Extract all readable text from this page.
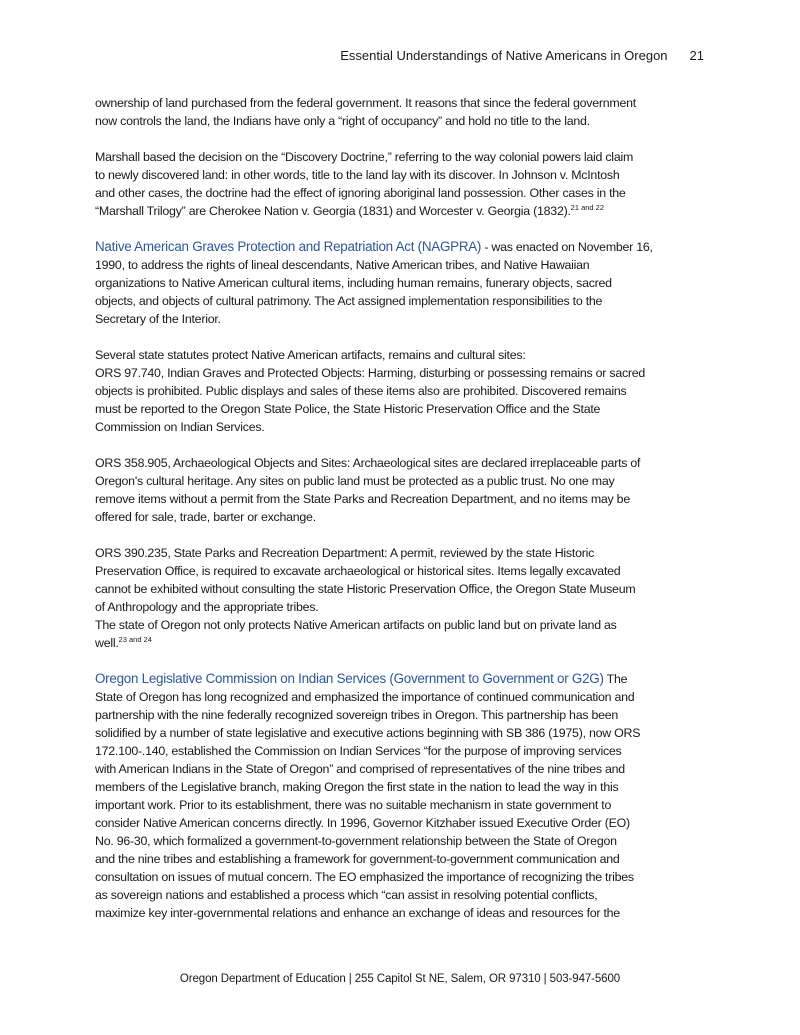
Essential Understandings of Native Americans in Oregon 21
ownership of land purchased from the federal government. It reasons that since the federal government
now controls the land, the Indians have only a “right of occupancy” and hold no title to the land.
Marshall based the decision on the “Discovery Doctrine,” referring to the way colonial powers laid claim
to newly discovered land: in other words, title to the land lay with its discover. In Johnson v. McIntosh
and other cases, the doctrine had the effect of ignoring aboriginal land possession. Other cases in the
“Marshall Trilogy” are Cherokee Nation v. Georgia (1831) and Worcester v. Georgia (1832).$^{21 and 22}$
Native American Graves Protection and Repatriation Act (NAGPRA) - was enacted on November 16,
1990, to address the rights of lineal descendants, Native American tribes, and Native Hawaiian
organizations to Native American cultural items, including human remains, funerary objects, sacred
objects, and objects of cultural patrimony. The Act assigned implementation responsibilities to the
Secretary of the Interior.
Several state statutes protect Native American artifacts, remains and cultural sites:
ORS 97.740, Indian Graves and Protected Objects: Harming, disturbing or possessing remains or sacred
objects is prohibited. Public displays and sales of these items also are prohibited. Discovered remains
must be reported to the Oregon State Police, the State Historic Preservation Office and the State
Commission on Indian Services.
ORS 358.905, Archaeological Objects and Sites: Archaeological sites are declared irreplaceable parts of
Oregon's cultural heritage. Any sites on public land must be protected as a public trust. No one may
remove items without a permit from the State Parks and Recreation Department, and no items may be
offered for sale, trade, barter or exchange.
ORS 390.235, State Parks and Recreation Department: A permit, reviewed by the state Historic
Preservation Office, is required to excavate archaeological or historical sites. Items legally excavated
cannot be exhibited without consulting the state Historic Preservation Office, the Oregon State Museum
of Anthropology and the appropriate tribes.
The state of Oregon not only protects Native American artifacts on public land but on private land as
well.$^{23 and 24}$
Oregon Legislative Commission on Indian Services (Government to Government or G2G) The
State of Oregon has long recognized and emphasized the importance of continued communication and
partnership with the nine federally recognized sovereign tribes in Oregon. This partnership has been
solidified by a number of state legislative and executive actions beginning with SB 386 (1975), now ORS
172.100-.140, established the Commission on Indian Services “for the purpose of improving services
with American Indians in the State of Oregon” and comprised of representatives of the nine tribes and
members of the Legislative branch, making Oregon the first state in the nation to lead the way in this
important work. Prior to its establishment, there was no suitable mechanism in state government to
consider Native American concerns directly. In 1996, Governor Kitzhaber issued Executive Order (EO)
No. 96-30, which formalized a government-to-government relationship between the State of Oregon
and the nine tribes and establishing a framework for government-to-government communication and
consultation on issues of mutual concern. The EO emphasized the importance of recognizing the tribes
as sovereign nations and established a process which “can assist in resolving potential conflicts,
maximize key inter-governmental relations and enhance an exchange of ideas and resources for the
Oregon Department of Education | 255 Capitol St NE, Salem, OR 97310 | 503-947-5600
